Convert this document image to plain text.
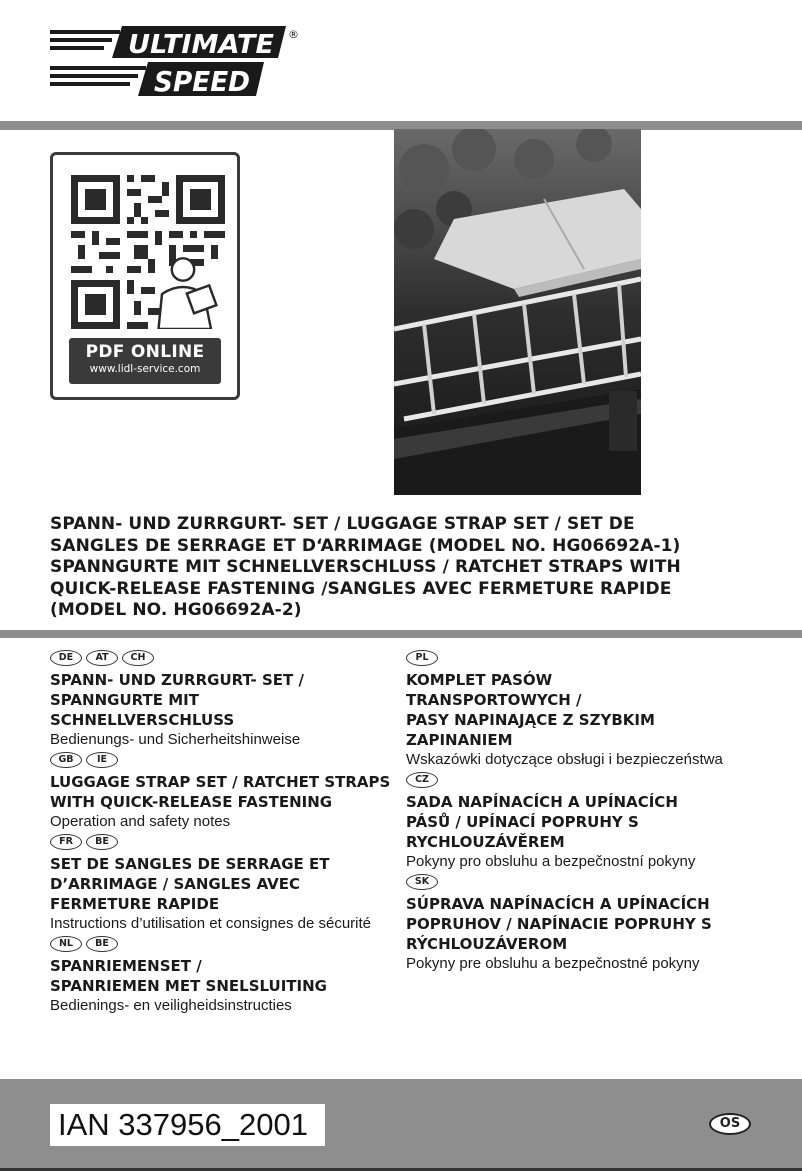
ULTIMATE
SPEED
®
PDF ONLINE
www.lidl-service.com
SPANN- UND ZURRGURT- SET / LUGGAGE STRAP SET / SET DE
SANGLES DE SERRAGE ET D‘ARRIMAGE (MODEL NO. HG06692A-1)
SPANNGURTE MIT SCHNELLVERSCHLUSS / RATCHET STRAPS WITH
QUICK-RELEASE FASTENING /SANGLES AVEC FERMETURE RAPIDE
(MODEL NO. HG06692A-2)
DE	AT	CH
SPANN- UND ZURRGURT- SET /
SPANNGURTE MIT
SCHNELLVERSCHLUSS
Bedienungs- und Sicherheitshinweise
GB	IE
LUGGAGE STRAP SET / RATCHET STRAPS
WITH QUICK-RELEASE FASTENING
Operation and safety notes
FR	BE
SET DE SANGLES DE SERRAGE ET
D’ARRIMAGE / SANGLES AVEC
FERMETURE RAPIDE
Instructions d’utilisation et consignes de sécurité
NL	BE
SPANRIEMENSET /
SPANRIEMEN MET SNELSLUITING
Bedienings- en veiligheidsinstructies
PL
KOMPLET PASÓW
TRANSPORTOWYCH /
PASY NAPINAJĄCE Z SZYBKIM
ZAPINANIEM
Wskazówki dotyczące obsługi i bezpieczeństwa
CZ
SADA NAPÍNACÍCH A UPÍNACÍCH
PÁSŮ / UPÍNACÍ POPRUHY S
RYCHLOUZÁVĚREM
Pokyny pro obsluhu a bezpečnostní pokyny
SK
SÚPRAVA NAPÍNACÍCH A UPÍNACÍCH
POPRUHOV / NAPÍNACIE POPRUHY S
RÝCHLOUZÁVEROM
Pokyny pre obsluhu a bezpečnostné pokyny
IAN 337956_2001	OS
